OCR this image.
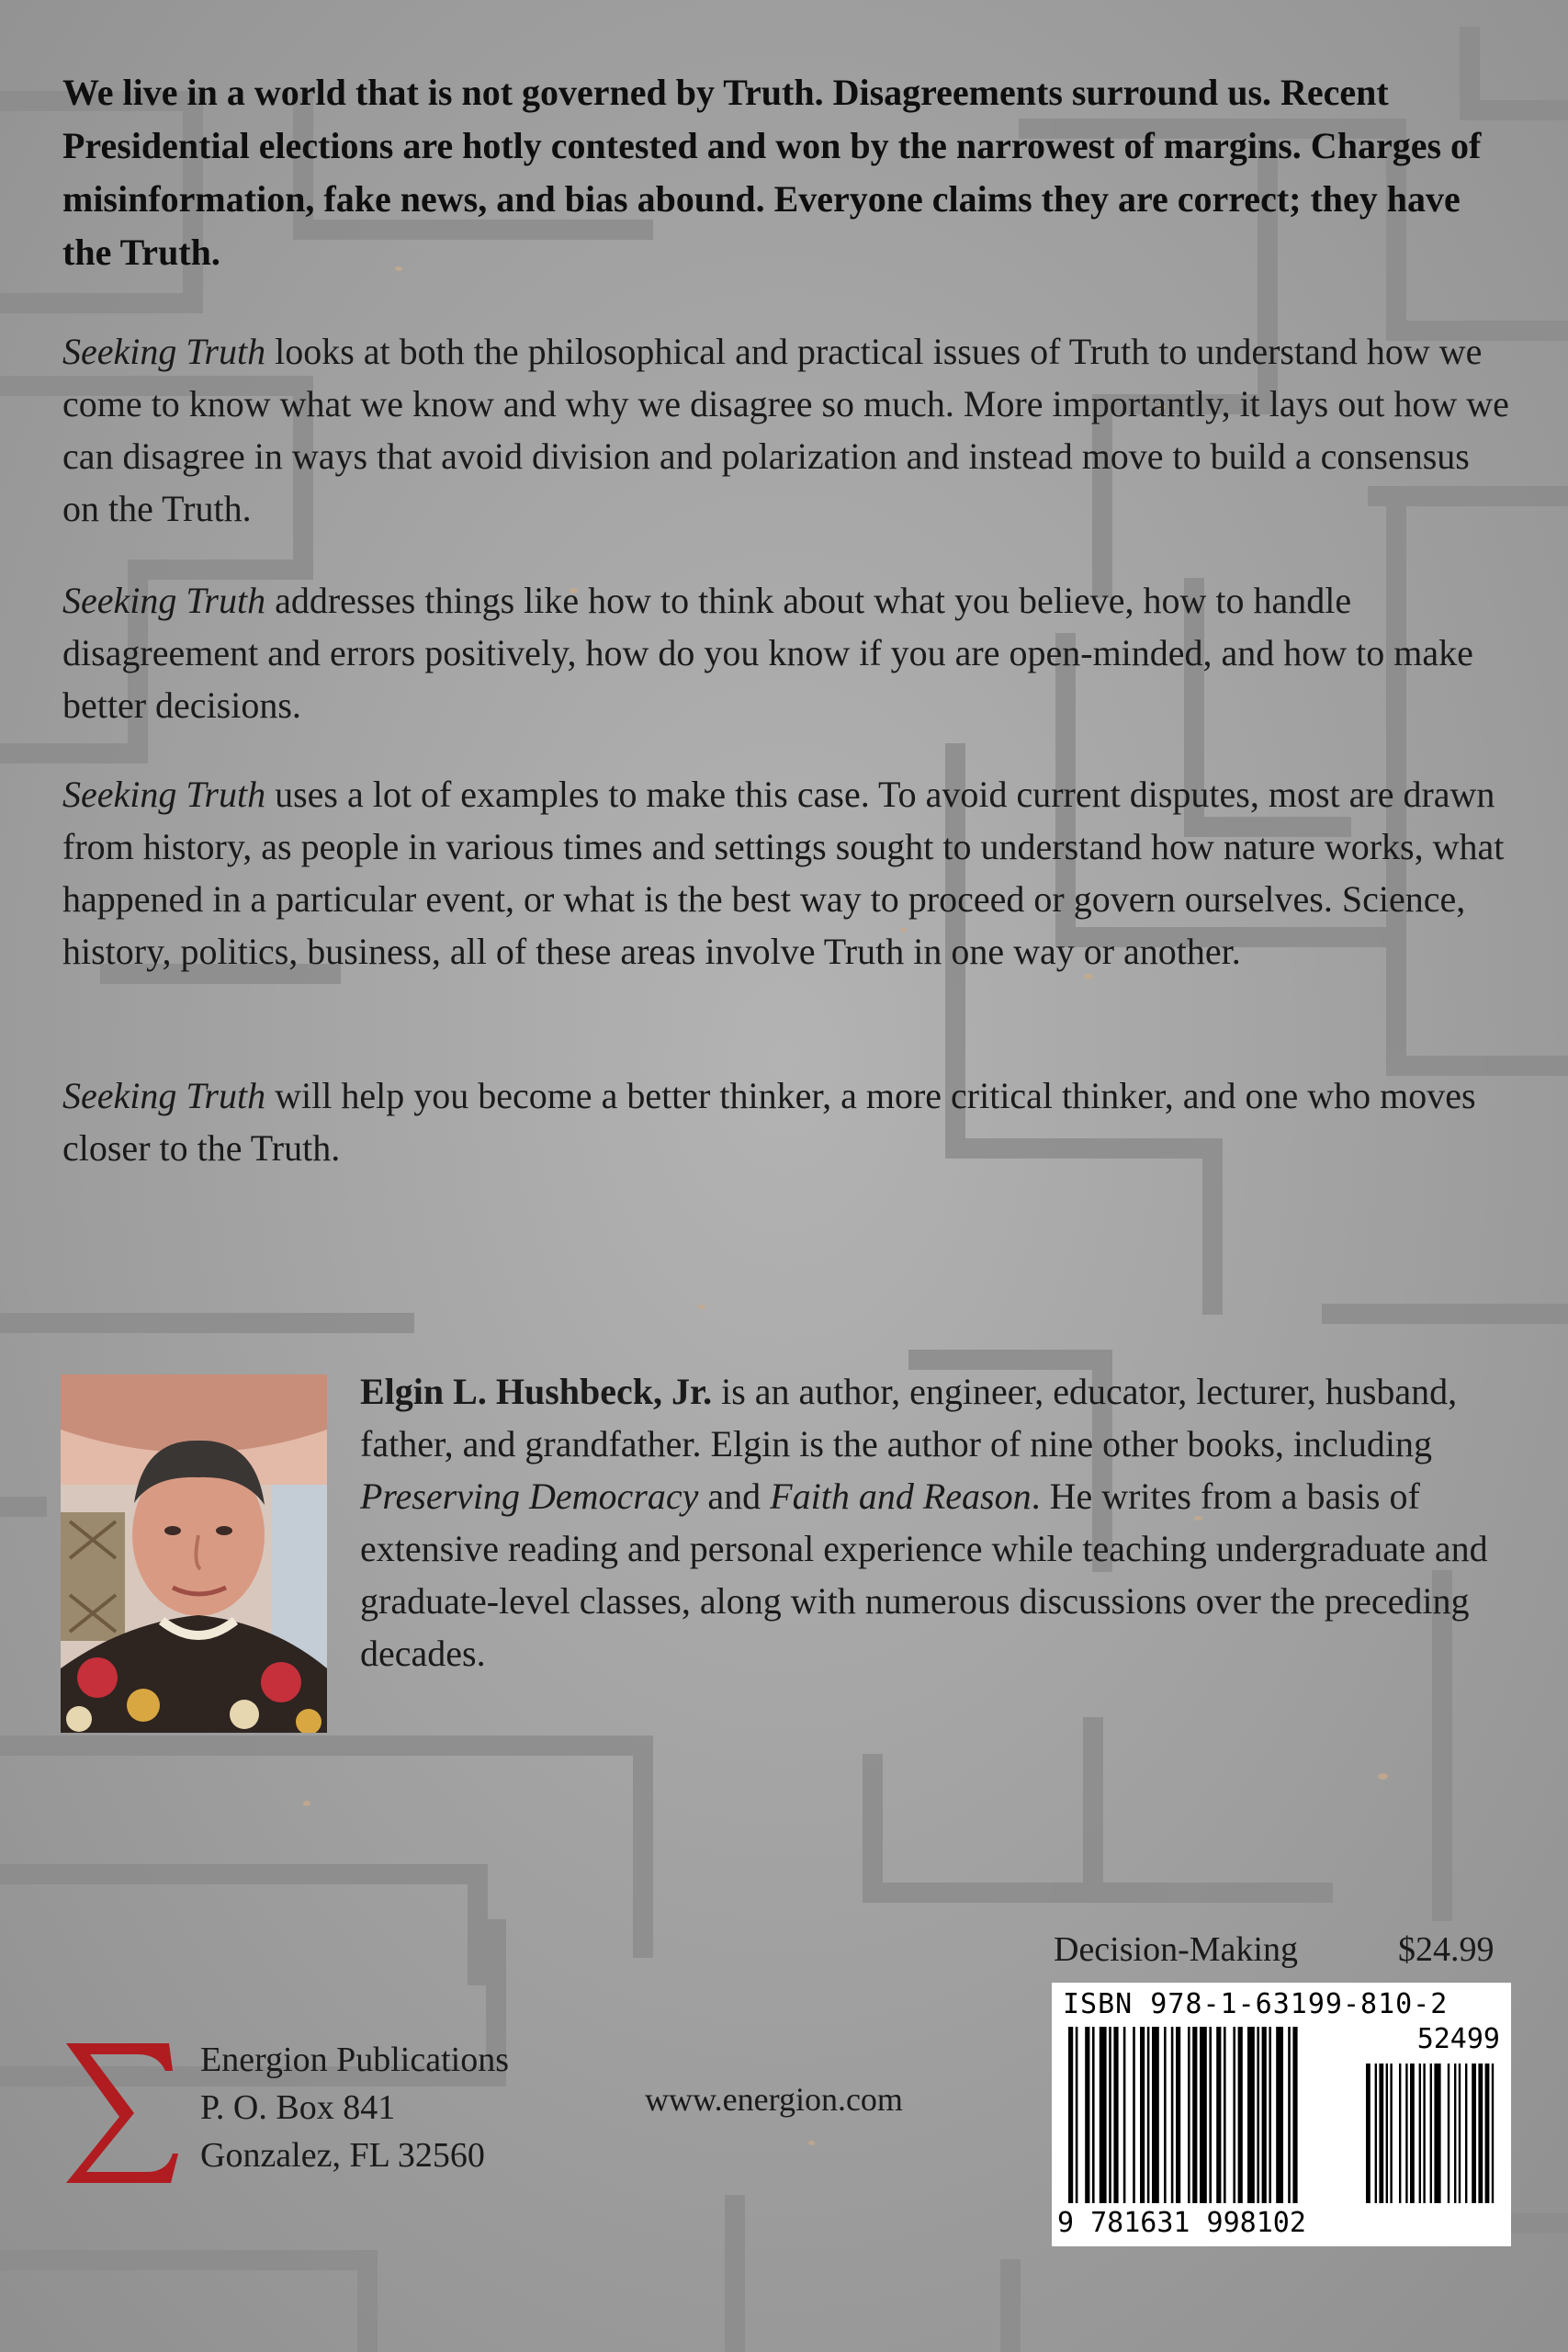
We live in a world that is not governed by Truth. Disagreements surround us. Recent Presidential elections are hotly contested and won by the narrowest of margins. Charges of misinformation, fake news, and bias abound. Everyone claims they are correct; they have the Truth.
Seeking Truth looks at both the philosophical and practical issues of Truth to understand how we come to know what we know and why we disagree so much. More importantly, it lays out how we can disagree in ways that avoid division and polarization and instead move to build a consensus on the Truth.
Seeking Truth addresses things like how to think about what you believe, how to handle disagreement and errors positively, how do you know if you are open-minded, and how to make better decisions.
Seeking Truth uses a lot of examples to make this case. To avoid current disputes, most are drawn from history, as people in various times and settings sought to understand how nature works, what happened in a particular event, or what is the best way to proceed or govern ourselves. Science, history, politics, business, all of these areas involve Truth in one way or another.
Seeking Truth will help you become a better thinker, a more critical thinker, and one who moves closer to the Truth.
Elgin L. Hushbeck, Jr. is an author, engineer, educator, lecturer, husband, father, and grandfather. Elgin is the author of nine other books, including Preserving Democracy and Faith and Reason. He writes from a basis of extensive reading and personal experience while teaching undergraduate and graduate-level classes, along with numerous discussions over the preceding decades.
Decision-Making	$24.99
ISBN 978-1-63199-810-2
52499
9 781631 998102
Energion Publications
P. O. Box 841
Gonzalez, FL 32560
www.energion.com
